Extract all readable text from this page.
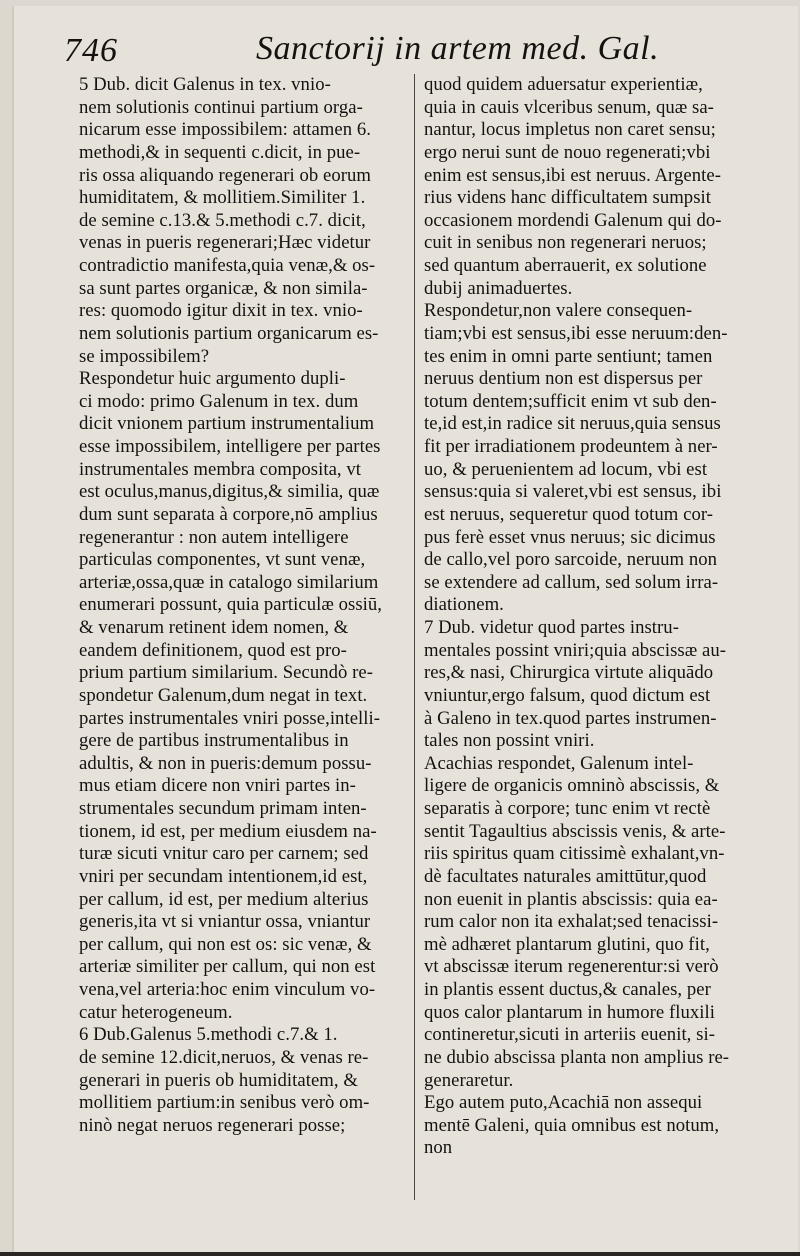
746	Sanctorij in artem med. Gal.
5 Dub. dicit Galenus in tex. vnio-
nem solutionis continui partium orga-
nicarum esse impossibilem: attamen 6.
methodi,& in sequenti c.dicit, in pue-
ris ossa aliquando regenerari ob eorum
humiditatem, & mollitiem.Similiter 1.
de semine c.13.& 5.methodi c.7. dicit,
venas in pueris regenerari;Hæc videtur
contradictio manifesta,quia venæ,& os-
sa sunt partes organicæ, & non simila-
res: quomodo igitur dixit in tex. vnio-
nem solutionis partium organicarum es-
se impossibilem?
Respondetur huic argumento dupli-
ci modo: primo Galenum in tex. dum
dicit vnionem partium instrumentalium
esse impossibilem, intelligere per partes
instrumentales membra composita, vt
est oculus,manus,digitus,& similia, quæ
dum sunt separata à corpore,nō amplius
regenerantur : non autem intelligere
particulas componentes, vt sunt venæ,
arteriæ,ossa,quæ in catalogo similarium
enumerari possunt, quia particulæ ossiū,
& venarum retinent idem nomen, &
eandem definitionem, quod est pro-
prium partium similarium. Secundò re-
spondetur Galenum,dum negat in text.
partes instrumentales vniri posse,intelli-
gere de partibus instrumentalibus in
adultis, & non in pueris:demum possu-
mus etiam dicere non vniri partes in-
strumentales secundum primam inten-
tionem, id est, per medium eiusdem na-
turæ sicuti vnitur caro per carnem; sed
vniri per secundam intentionem,id est,
per callum, id est, per medium alterius
generis,ita vt si vniantur ossa, vniantur
per callum, qui non est os: sic venæ, &
arteriæ similiter per callum, qui non est
vena,vel arteria:hoc enim vinculum vo-
catur heterogeneum.
6 Dub.Galenus 5.methodi c.7.& 1.
de semine 12.dicit,neruos, & venas re-
generari in pueris ob humiditatem, &
mollitiem partium:in senibus verò om-
ninò negat neruos regenerari posse;
quod quidem aduersatur experientiæ,
quia in cauis vlceribus senum, quæ sa-
nantur, locus impletus non caret sensu;
ergo nerui sunt de nouo regenerati;vbi
enim est sensus,ibi est neruus. Argente-
rius videns hanc difficultatem sumpsit
occasionem mordendi Galenum qui do-
cuit in senibus non regenerari neruos;
sed quantum aberrauerit, ex solutione
dubij animaduertes.
Respondetur,non valere consequen-
tiam;vbi est sensus,ibi esse neruum:den-
tes enim in omni parte sentiunt; tamen
neruus dentium non est dispersus per
totum dentem;sufficit enim vt sub den-
te,id est,in radice sit neruus,quia sensus
fit per irradiationem prodeuntem à ner-
uo, & peruenientem ad locum, vbi est
sensus:quia si valeret,vbi est sensus, ibi
est neruus, sequeretur quod totum cor-
pus ferè esset vnus neruus; sic dicimus
de callo,vel poro sarcoide, neruum non
se extendere ad callum, sed solum irra-
diationem.
7 Dub. videtur quod partes instru-
mentales possint vniri;quia abscissæ au-
res,& nasi, Chirurgica virtute aliquādo
vniuntur,ergo falsum, quod dictum est
à Galeno in tex.quod partes instrumen-
tales non possint vniri.
Acachias respondet, Galenum intel-
ligere de organicis omninò abscissis, &
separatis à corpore; tunc enim vt rectè
sentit Tagaultius abscissis venis, & arte-
riis spiritus quam citissimè exhalant,vn-
dè facultates naturales amittūtur,quod
non euenit in plantis abscissis: quia ea-
rum calor non ita exhalat;sed tenacissi-
mè adhæret plantarum glutini, quo fit,
vt abscissæ iterum regenerentur:si verò
in plantis essent ductus,& canales, per
quos calor plantarum in humore fluxili
contineretur,sicuti in arteriis euenit, si-
ne dubio abscissa planta non amplius re-
generaretur.
Ego autem puto,Acachiā non assequi
mentē Galeni, quia omnibus est notum,
non
